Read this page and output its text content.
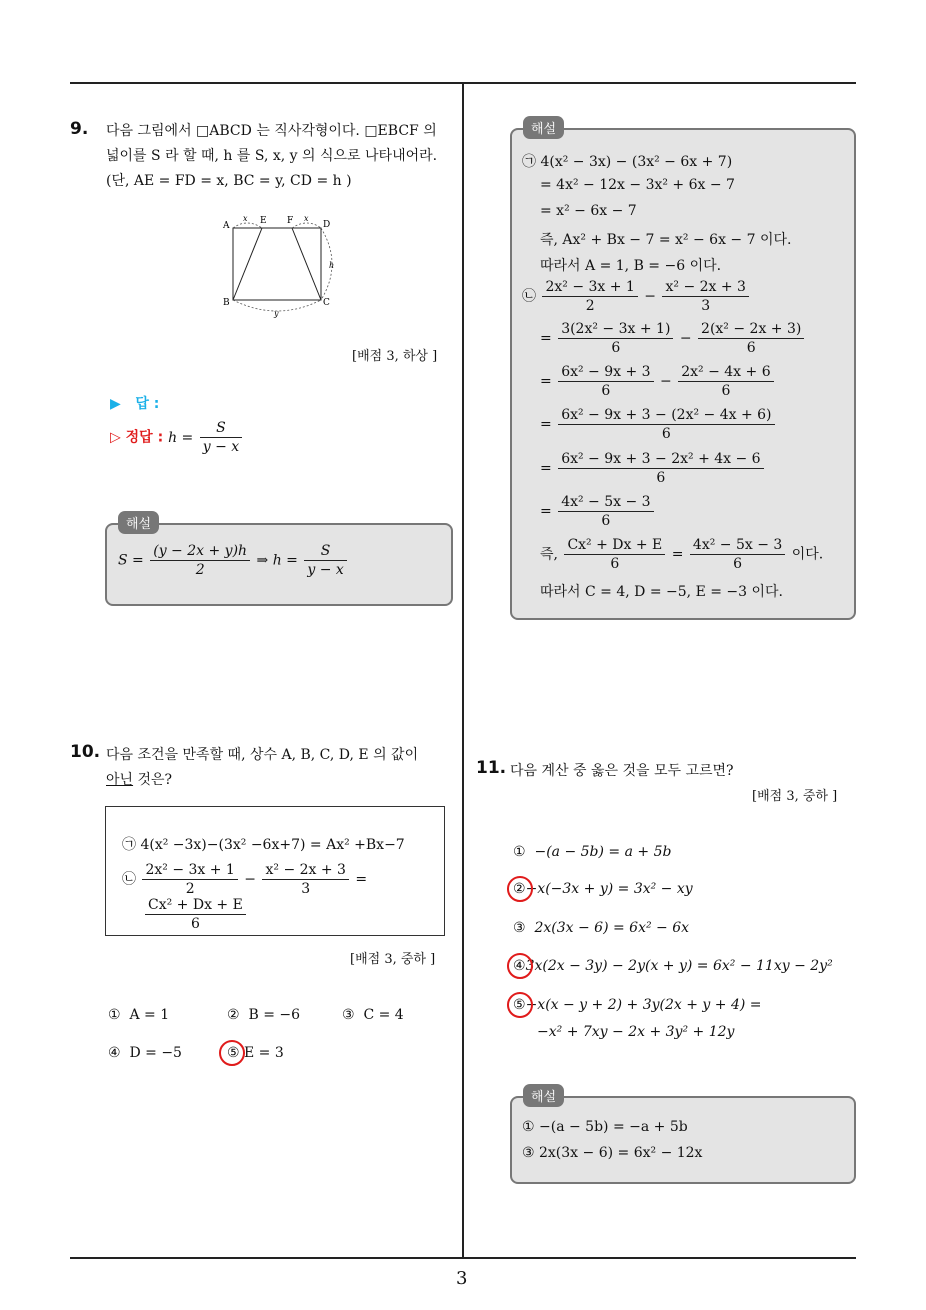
9. 다음 그림에서 □ABCD 는 직사각형이다. □EBCF 의
넓이를 S 라 할 때, h 를 S, x, y 의 식으로 나타내어라.
(단, AE = FD = x, BC = y, CD = h )
A	E F	D
B	C
x	x
y
h
[배점 3, 하상 ]
▶ 답 :
▷ 정답 : $h = \frac{S}{y - x}$
해설
$S = \frac{(y - 2x + y)h}{2}$ ⇒ $h = \frac{S}{y - x}$
해설
㉠ 4(x² − 3x) − (3x² − 6x + 7)
= 4x² − 12x − 3x² + 6x − 7
= x² − 6x − 7
즉, Ax² + Bx − 7 = x² − 6x − 7 이다.
따라서 A = 1, B = −6 이다.
㉡ $\frac{\text{2x² − 3x + 1}}{2} - \frac{\text{x² − 2x + 3}}{3}$
= $\frac{\text{3(2x² − 3x + 1)}}{6} - \frac{\text{2(x² − 2x + 3)}}{6}$
= $\frac{\text{6x² − 9x + 3}}{6} - \frac{\text{2x² − 4x + 6}}{6}$
= $\frac{\text{6x² − 9x + 3 − (2x² − 4x + 6)}}{6}$
= $\frac{\text{6x² − 9x + 3 − 2x² + 4x − 6}}{6}$
= $\frac{\text{4x² − 5x − 3}}{6}$
즉, $\frac{\text{Cx² + Dx + E}}{6} = \frac{\text{4x² − 5x − 3}}{6}$ 이다.
따라서 C = 4, D = −5, E = −3 이다.
10. 다음 조건을 만족할 때, 상수 A, B, C, D, E 의 값이
아닌 것은?
㉠ 4(x² −3x)−(3x² −6x+7) = Ax² +Bx−7
㉡ $\frac{\text{2x² − 3x + 1}}{2} - \frac{\text{x² − 2x + 3}}{3}$ =
$\frac{\text{Cx² + Dx + E}}{6}$
[배점 3, 중하 ]
① A = 1	② B = −6	③ C = 4
④ D = −5	⑤ E = 3
11. 다음 계산 중 옳은 것을 모두 고르면?
[배점 3, 중하 ]
① −(a − 5b) = a + 5b
②−x(−3x + y) = 3x² − xy
③ 2x(3x − 6) = 6x² − 6x
④3x(2x − 3y) − 2y(x + y) = 6x² − 11xy − 2y²
⑤−x(x − y + 2) + 3y(2x + y + 4) =
−x² + 7xy − 2x + 3y² + 12y
해설
① −(a − 5b) = −a + 5b
③ 2x(3x − 6) = 6x² − 12x
3
